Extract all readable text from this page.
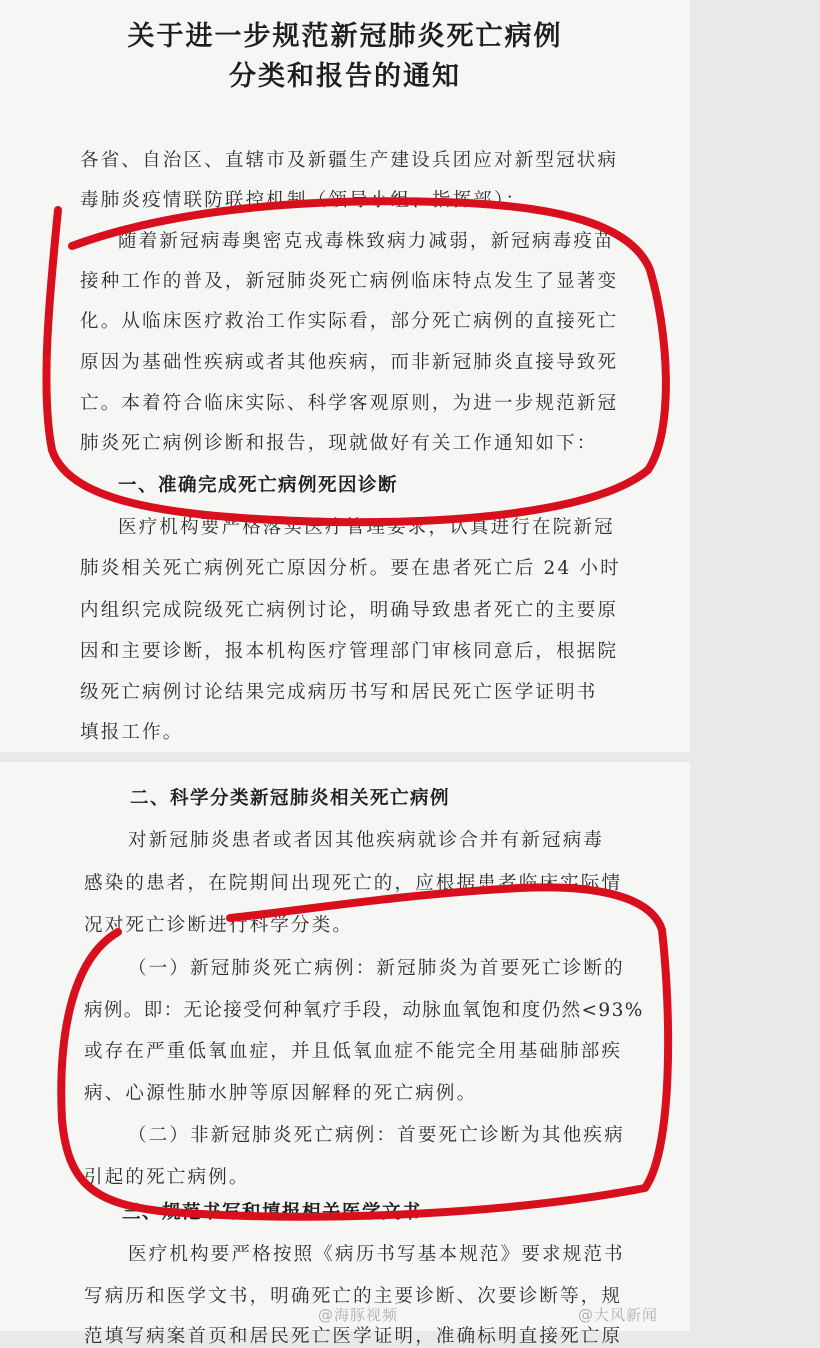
关于进一步规范新冠肺炎死亡病例
分类和报告的通知
各省、自治区、直辖市及新疆生产建设兵团应对新型冠状病
毒肺炎疫情联防联控机制（领导小组、指挥部）：
随着新冠病毒奥密克戎毒株致病力减弱，新冠病毒疫苗
接种工作的普及，新冠肺炎死亡病例临床特点发生了显著变
化。从临床医疗救治工作实际看，部分死亡病例的直接死亡
原因为基础性疾病或者其他疾病，而非新冠肺炎直接导致死
亡。本着符合临床实际、科学客观原则，为进一步规范新冠
肺炎死亡病例诊断和报告，现就做好有关工作通知如下：
一、准确完成死亡病例死因诊断
医疗机构要严格落实医疗管理要求，认真进行在院新冠
肺炎相关死亡病例死亡原因分析。要在患者死亡后 24 小时
内组织完成院级死亡病例讨论，明确导致患者死亡的主要原
因和主要诊断，报本机构医疗管理部门审核同意后，根据院
级死亡病例讨论结果完成病历书写和居民死亡医学证明书
填报工作。
二、科学分类新冠肺炎相关死亡病例
对新冠肺炎患者或者因其他疾病就诊合并有新冠病毒
感染的患者，在院期间出现死亡的，应根据患者临床实际情
况对死亡诊断进行科学分类。
（一）新冠肺炎死亡病例：新冠肺炎为首要死亡诊断的
病例。即：无论接受何种氧疗手段，动脉血氧饱和度仍然<93%
或存在严重低氧血症，并且低氧血症不能完全用基础肺部疾
病、心源性肺水肿等原因解释的死亡病例。
（二）非新冠肺炎死亡病例：首要死亡诊断为其他疾病
引起的死亡病例。
三、规范书写和填报相关医学文书
医疗机构要严格按照《病历书写基本规范》要求规范书
写病历和医学文书，明确死亡的主要诊断、次要诊断等，规
范填写病案首页和居民死亡医学证明，准确标明直接死亡原
@海豚视频	@大风新闻
